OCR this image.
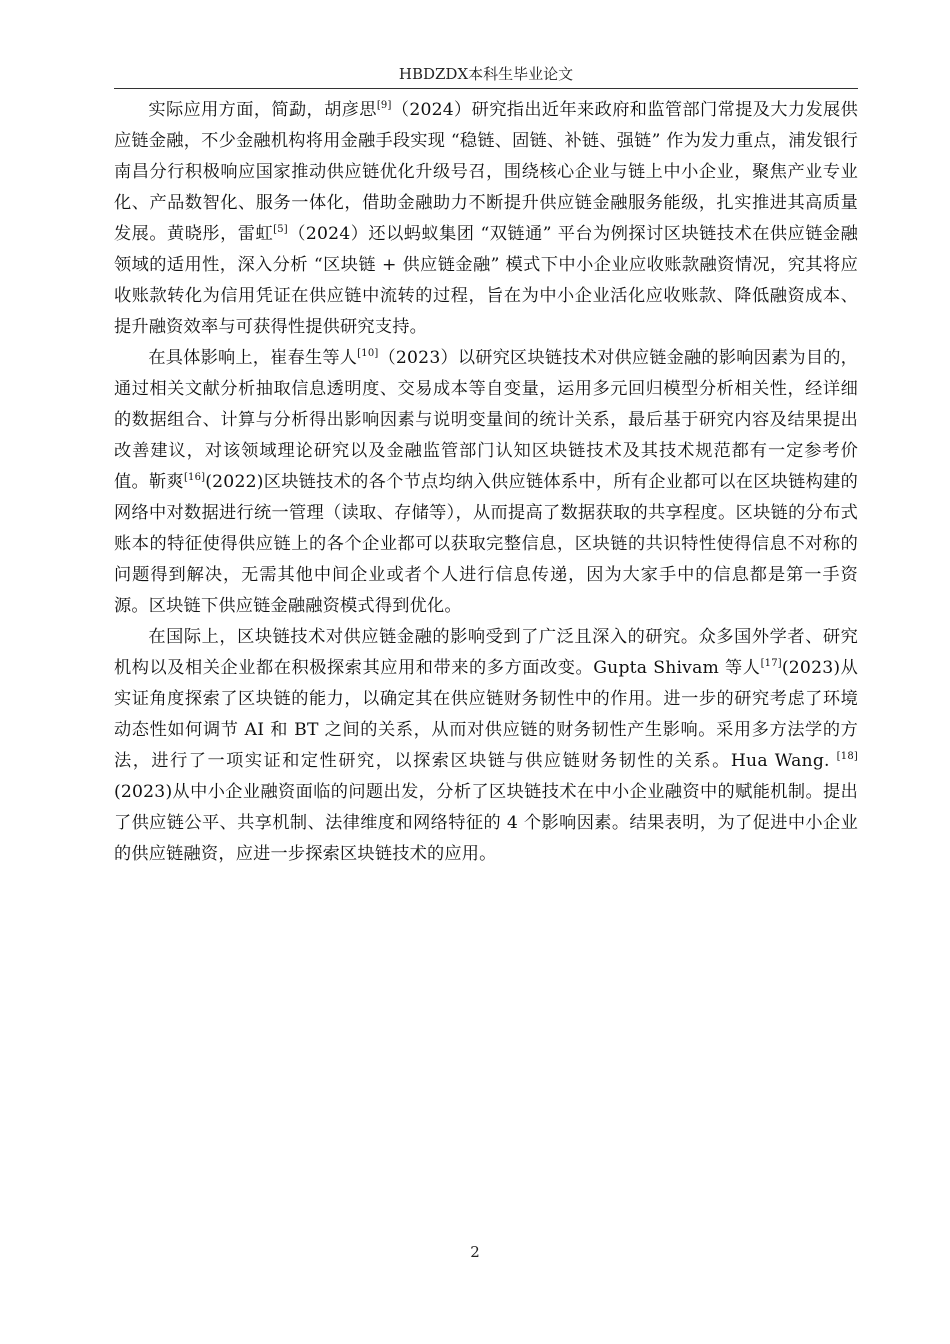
HBDZDX本科生毕业论文

实际应用方面，简勐，胡彦思[9]（2024）研究指出近年来政府和监管部门常提及大力发展供应链金融，不少金融机构将用金融手段实现 “稳链、固链、补链、强链” 作为发力重点，浦发银行南昌分行积极响应国家推动供应链优化升级号召，围绕核心企业与链上中小企业，聚焦产业专业化、产品数智化、服务一体化，借助金融助力不断提升供应链金融服务能级，扎实推进其高质量发展。黄晓彤，雷虹[5]（2024）还以蚂蚁集团 “双链通” 平台为例探讨区块链技术在供应链金融领域的适用性，深入分析 “区块链 + 供应链金融” 模式下中小企业应收账款融资情况，究其将应收账款转化为信用凭证在供应链中流转的过程，旨在为中小企业活化应收账款、降低融资成本、提升融资效率与可获得性提供研究支持。

在具体影响上，崔春生等人[10]（2023）以研究区块链技术对供应链金融的影响因素为目的，通过相关文献分析抽取信息透明度、交易成本等自变量，运用多元回归模型分析相关性，经详细的数据组合、计算与分析得出影响因素与说明变量间的统计关系，最后基于研究内容及结果提出改善建议，对该领域理论研究以及金融监管部门认知区块链技术及其技术规范都有一定参考价值。靳爽[16](2022)区块链技术的各个节点均纳入供应链体系中，所有企业都可以在区块链构建的网络中对数据进行统一管理（读取、存储等），从而提高了数据获取的共享程度。区块链的分布式账本的特征使得供应链上的各个企业都可以获取完整信息，区块链的共识特性使得信息不对称的问题得到解决，无需其他中间企业或者个人进行信息传递，因为大家手中的信息都是第一手资源。区块链下供应链金融融资模式得到优化。

在国际上，区块链技术对供应链金融的影响受到了广泛且深入的研究。众多国外学者、研究机构以及相关企业都在积极探索其应用和带来的多方面改变。Gupta Shivam 等人[17](2023)从实证角度探索了区块链的能力，以确定其在供应链财务韧性中的作用。进一步的研究考虑了环境动态性如何调节 AI 和 BT 之间的关系，从而对供应链的财务韧性产生影响。采用多方法学的方法，进行了一项实证和定性研究，以探索区块链与供应链财务韧性的关系。Hua Wang. [18](2023)从中小企业融资面临的问题出发，分析了区块链技术在中小企业融资中的赋能机制。提出了供应链公平、共享机制、法律维度和网络特征的 4 个影响因素。结果表明，为了促进中小企业的供应链融资，应进一步探索区块链技术的应用。

2
